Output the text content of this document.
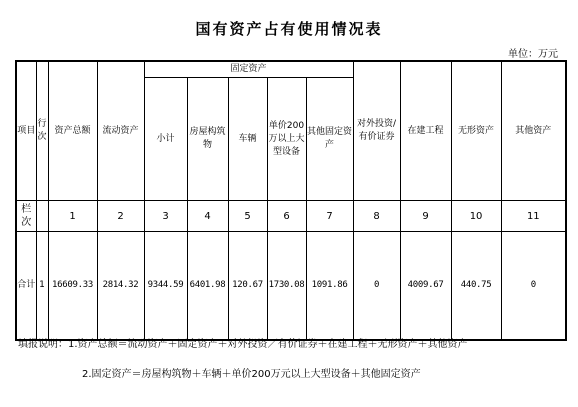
国有资产占有使用情况表
单位：万元
项目	行次	资产总额	流动资产	固定资产					对外投资/有价证券	在建工程	无形资产	其他资产
				小计	房屋构筑物	车辆	单价200万以上大型设备	其他固定资产				
栏次		1	2	3	4	5	6	7	8	9	10	11
合计	1	16609.33	2814.32	9344.59	6401.98	120.67	1730.08	1091.86	0	4009.67	440.75	0
填报说明：1.资产总额＝流动资产＋固定资产＋对外投资／有价证券＋在建工程＋无形资产＋其他资产
2.固定资产＝房屋构筑物＋车辆＋单价200万元以上大型设备＋其他固定资产
